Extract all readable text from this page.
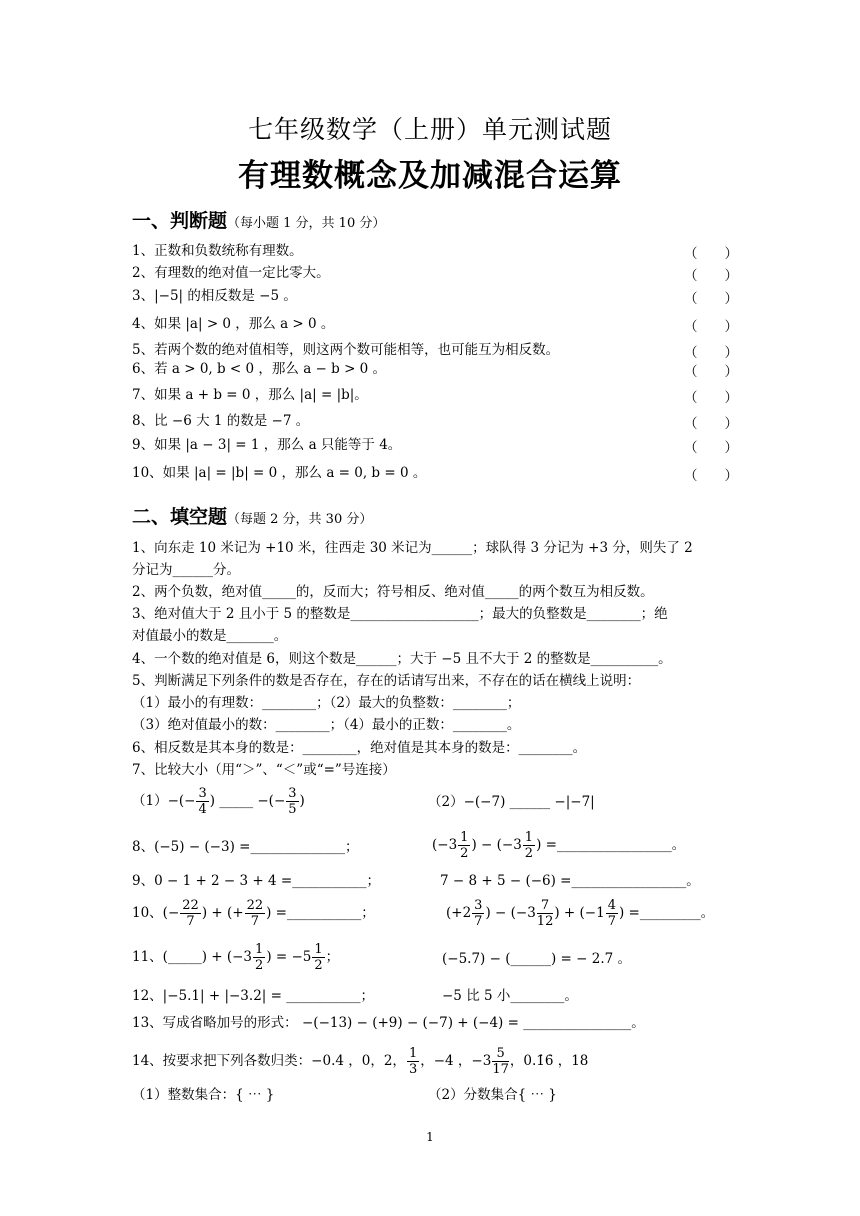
七年级数学（上册）单元测试题
有理数概念及加减混合运算
一、判断题（每小题 1 分，共 10 分）
1、正数和负数统称有理数。	（　　）
2、有理数的绝对值一定比零大。	（　　）
3、|−5| 的相反数是 −5 。	（　　）
4、如果 |a| > 0 ，那么 a > 0 。	（　　）
5、若两个数的绝对值相等，则这两个数可能相等，也可能互为相反数。	（　　）
6、若 a > 0, b < 0 ，那么 a − b > 0 。	（　　）
7、如果 a + b = 0 ，那么 |a| = |b|。	（　　）
8、比 −6 大 1 的数是 −7 。	（　　）
9、如果 |a − 3| = 1 ，那么 a 只能等于 4。	（　　）
10、如果 |a| = |b| = 0 ，那么 a = 0, b = 0 。	（　　）
二、填空题（每题 2 分，共 30 分）
1、向东走 10 米记为 +10 米，往西走 30 米记为______；球队得 3 分记为 +3 分，则失了 2
分记为______分。
2、两个负数，绝对值_____的，反而大；符号相反、绝对值_____的两个数互为相反数。
3、绝对值大于 2 且小于 5 的整数是___________________；最大的负整数是________；绝
对值最小的数是_______。
4、一个数的绝对值是 6，则这个数是______；大于 −5 且不大于 2 的整数是__________。
5、判断满足下列条件的数是否存在，存在的话请写出来，不存在的话在横线上说明：
（1）最小的有理数：________；（2）最大的负整数：________；
（3）绝对值最小的数：________；（4）最小的正数：________。
6、相反数是其本身的数是：________，绝对值是其本身的数是：________。
7、比较大小（用“＞”、“＜”或“=”号连接）
$(1)-(- \frac{3}{4}$ ) _____ −(− $\frac{3}{5}$ )	（2）−(−7) ______ −|−7|
8、(−5) − (−3) =______________；	($-3 \frac{1}{2}$ ) − ($-3 \frac{1}{2}$ ) =_________________。
9、0 − 1 + 2 − 3 + 4 =___________；	7 − 8 + 5 − (−6) =_________________。
10、(− $\frac{22}{7}$ ) + (+ $\frac{22}{7}$ ) =___________；	($+2 \frac{3}{7}$ ) − ($-3 \frac{7}{12}$ ) + ($-1 \frac{4}{7}$ ) =_________。
11、(_____) + ($-3 \frac{1}{2}$ ) = $-5 \frac{1}{2}$ ；	(−5.7) − (______) = − 2.7 。
12、|−5.1| + |−3.2| = ___________；	−5 比 5 小________。
13、写成省略加号的形式： −(−13) − (+9) − (−7) + (−4) = ________________。
14、按要求把下列各数归类：−0.4 ，0，2， $\frac{1}{3}$ ，−4 ，$-3 \frac{5}{17}$ ，0.1̇6̇ ，18
（1）整数集合：{ ⋯ }	（2）分数集合{ ⋯ }
1
